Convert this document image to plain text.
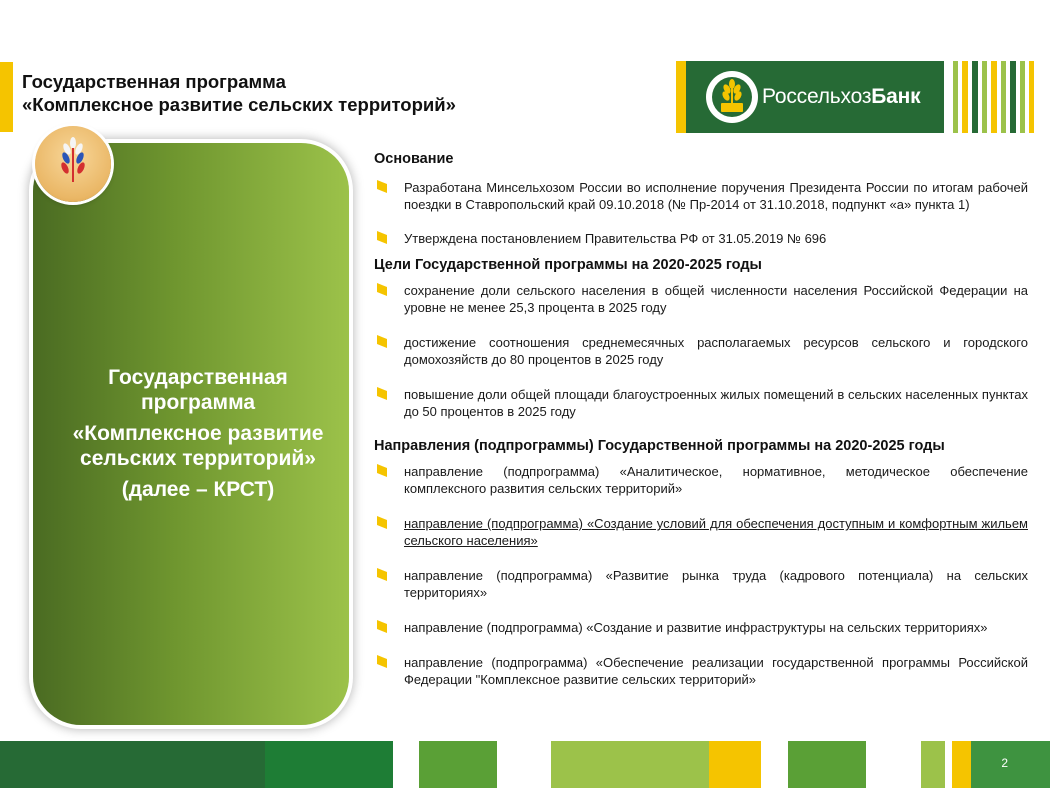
Государственная программа
«Комплексное развитие сельских территорий»	РоссельхозБанк
Государственная
программа
«Комплексное развитие
сельских территорий»
(далее – КРСТ)
Основание
Разработана Минсельхозом России во исполнение поручения Президента России по итогам рабочей поездки в Ставропольский край 09.10.2018 (№ Пр-2014 от 31.10.2018, подпункт «а» пункта 1)
Утверждена постановлением Правительства РФ от 31.05.2019 № 696
Цели Государственной программы на 2020-2025 годы
сохранение доли сельского населения в общей численности населения Российской Федерации на уровне не менее 25,3 процента в 2025 году
достижение соотношения среднемесячных располагаемых ресурсов сельского и городского домохозяйств до 80 процентов в 2025 году
повышение доли общей площади благоустроенных жилых помещений в сельских населенных пунктах до 50 процентов в 2025 году
Направления (подпрограммы) Государственной программы на 2020-2025 годы
направление (подпрограмма) «Аналитическое, нормативное, методическое обеспечение комплексного развития сельских территорий»
направление (подпрограмма) «Создание условий для обеспечения доступным и комфортным жильем сельского населения»
направление (подпрограмма) «Развитие рынка труда (кадрового потенциала) на сельских территориях»
направление (подпрограмма) «Создание и развитие инфраструктуры на сельских территориях»
направление (подпрограмма) «Обеспечение реализации государственной программы Российской Федерации "Комплексное развитие сельских территорий»
2
